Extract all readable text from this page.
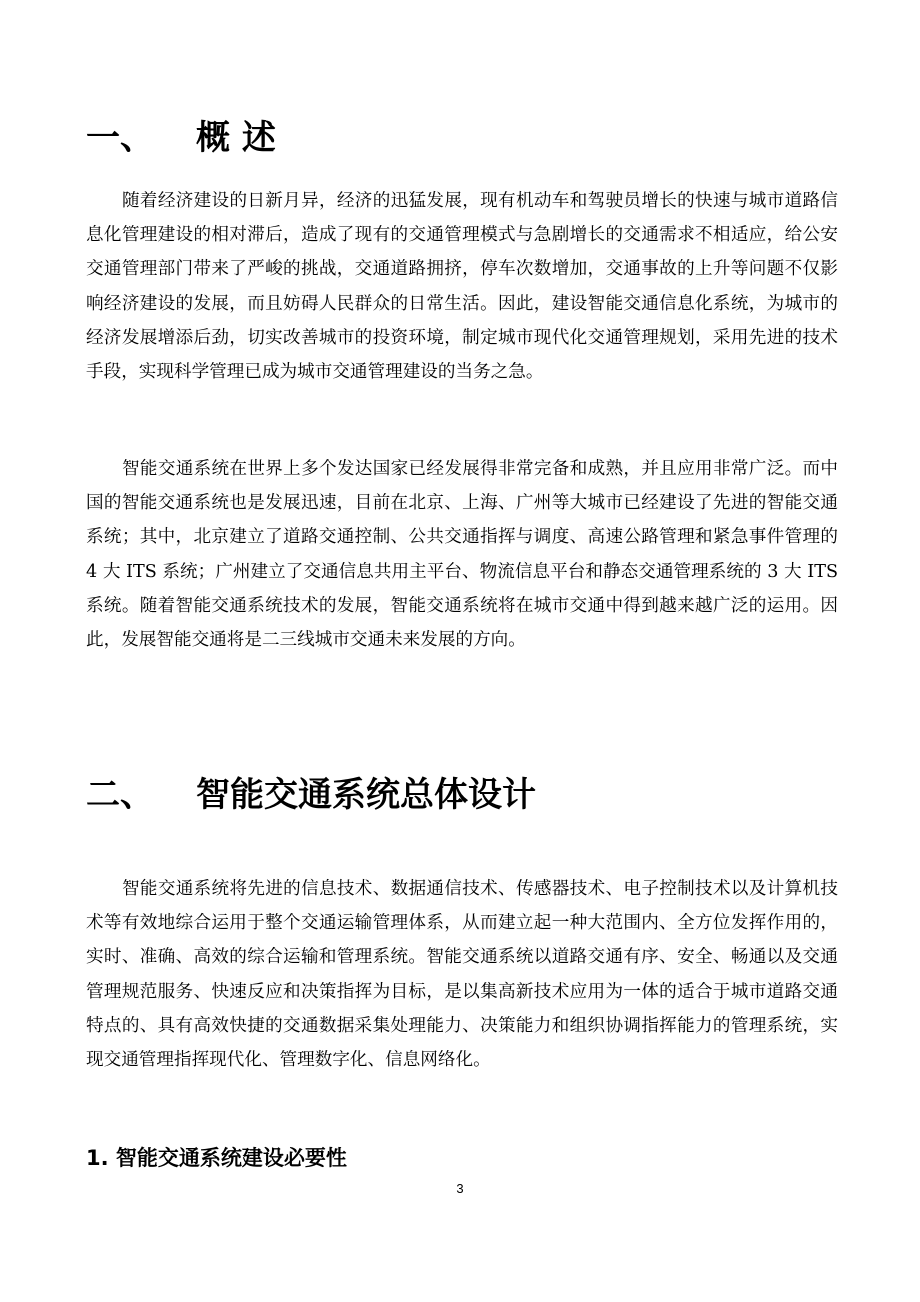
一、 概 述

随着经济建设的日新月异，经济的迅猛发展，现有机动车和驾驶员增长的快速与城市道路信息化管理建设的相对滞后，造成了现有的交通管理模式与急剧增长的交通需求不相适应，给公安交通管理部门带来了严峻的挑战，交通道路拥挤，停车次数增加，交通事故的上升等问题不仅影响经济建设的发展，而且妨碍人民群众的日常生活。因此，建设智能交通信息化系统，为城市的经济发展增添后劲，切实改善城市的投资环境，制定城市现代化交通管理规划，采用先进的技术手段，实现科学管理已成为城市交通管理建设的当务之急。

智能交通系统在世界上多个发达国家已经发展得非常完备和成熟，并且应用非常广泛。而中国的智能交通系统也是发展迅速，目前在北京、上海、广州等大城市已经建设了先进的智能交通系统；其中，北京建立了道路交通控制、公共交通指挥与调度、高速公路管理和紧急事件管理的 4 大 ITS 系统；广州建立了交通信息共用主平台、物流信息平台和静态交通管理系统的 3 大 ITS 系统。随着智能交通系统技术的发展，智能交通系统将在城市交通中得到越来越广泛的运用。因此，发展智能交通将是二三线城市交通未来发展的方向。

二、 智能交通系统总体设计

智能交通系统将先进的信息技术、数据通信技术、传感器技术、电子控制技术以及计算机技术等有效地综合运用于整个交通运输管理体系，从而建立起一种大范围内、全方位发挥作用的，实时、准确、高效的综合运输和管理系统。智能交通系统以道路交通有序、安全、畅通以及交通管理规范服务、快速反应和决策指挥为目标，是以集高新技术应用为一体的适合于城市道路交通特点的、具有高效快捷的交通数据采集处理能力、决策能力和组织协调指挥能力的管理系统，实现交通管理指挥现代化、管理数字化、信息网络化。

1. 智能交通系统建设必要性
3
